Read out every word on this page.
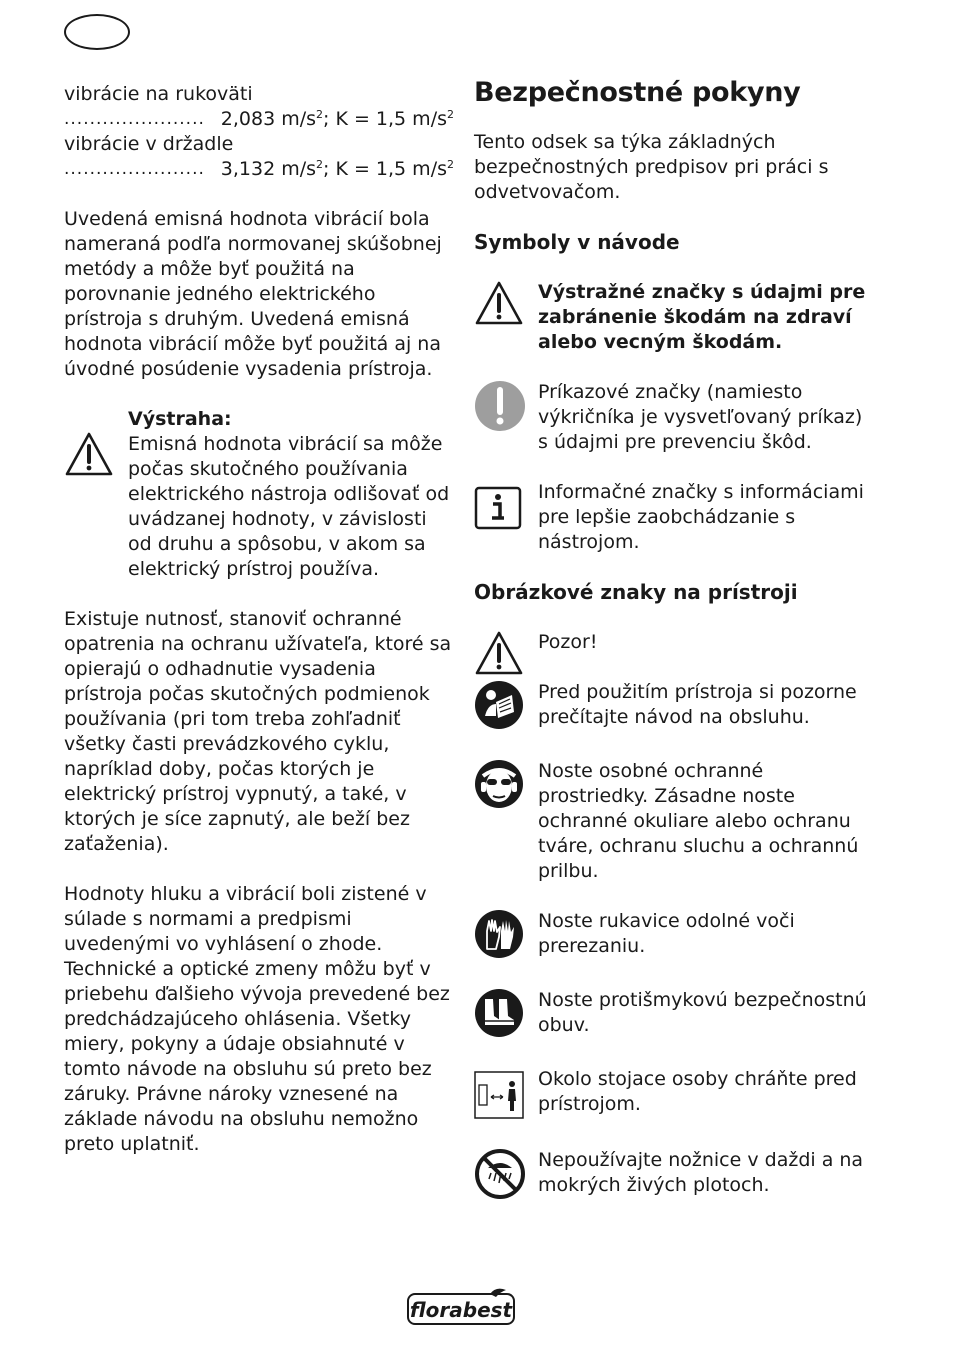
vibrácie na rukoväti
...................... 2,083 $m/s^2$; K = 1,5 $m/s^2$
vibrácie v držadle
...................... 3,132 $m/s^2$; K = 1,5 $m/s^2$
Uvedená emisná hodnota vibrácií bola nameraná podľa normovanej skúšobnej metódy a môže byť použitá na porovnanie jedného elektrického prístroja s druhým. Uvedená emisná hodnota vibrácií môže byť použitá aj na úvodné posúdenie vysadenia prístroja.
Výstraha:
Emisná hodnota vibrácií sa môže počas skutočného používania elektrického nástroja odlišovať od uvádzanej hodnoty, v závislosti od druhu a spôsobu, v akom sa elektrický prístroj používa.
Existuje nutnosť, stanoviť ochranné opatrenia na ochranu užívateľa, ktoré sa opierajú o odhadnutie vysadenia prístroja počas skutočných podmienok používania (pri tom treba zohľadniť všetky časti prevádzkového cyklu, napríklad doby, počas ktorých je elektrický prístroj vypnutý, a také, v ktorých je síce zapnutý, ale beží bez zaťaženia).
Hodnoty hluku a vibrácií boli zistené v súlade s normami a predpismi uvedenými vo vyhlásení o zhode.
Technické a optické zmeny môžu byť v priebehu ďalšieho vývoja prevedené bez predchádzajúceho ohlásenia. Všetky miery, pokyny a údaje obsiahnuté v tomto návode na obsluhu sú preto bez záruky. Právne nároky vznesené na základe návodu na obsluhu nemožno preto uplatniť.
Bezpečnostné pokyny
Tento odsek sa týka základných bezpečnostných predpisov pri práci s odvetvovačom.
Symboly v návode
Výstražné značky s údajmi pre zabránenie škodám na zdraví alebo vecným škodám.
Príkazové značky (namiesto výkričníka je vysvetľovaný príkaz) s údajmi pre prevenciu škôd.
Informačné značky s informáciami pre lepšie zaobchádzanie s nástrojom.
Obrázkové znaky na prístroji
Pozor!
Pred použitím prístroja si pozorne prečítajte návod na obsluhu.
Noste osobné ochranné prostriedky. Zásadne noste ochranné okuliare alebo ochranu tváre, ochranu sluchu a ochrannú prilbu.
Noste rukavice odolné voči prerezaniu.
Noste protišmykovú bezpečnostnú obuv.
Okolo stojace osoby chráňte pred prístrojom.
Nepoužívajte nožnice v daždi a na mokrých živých plotoch.
florabest
